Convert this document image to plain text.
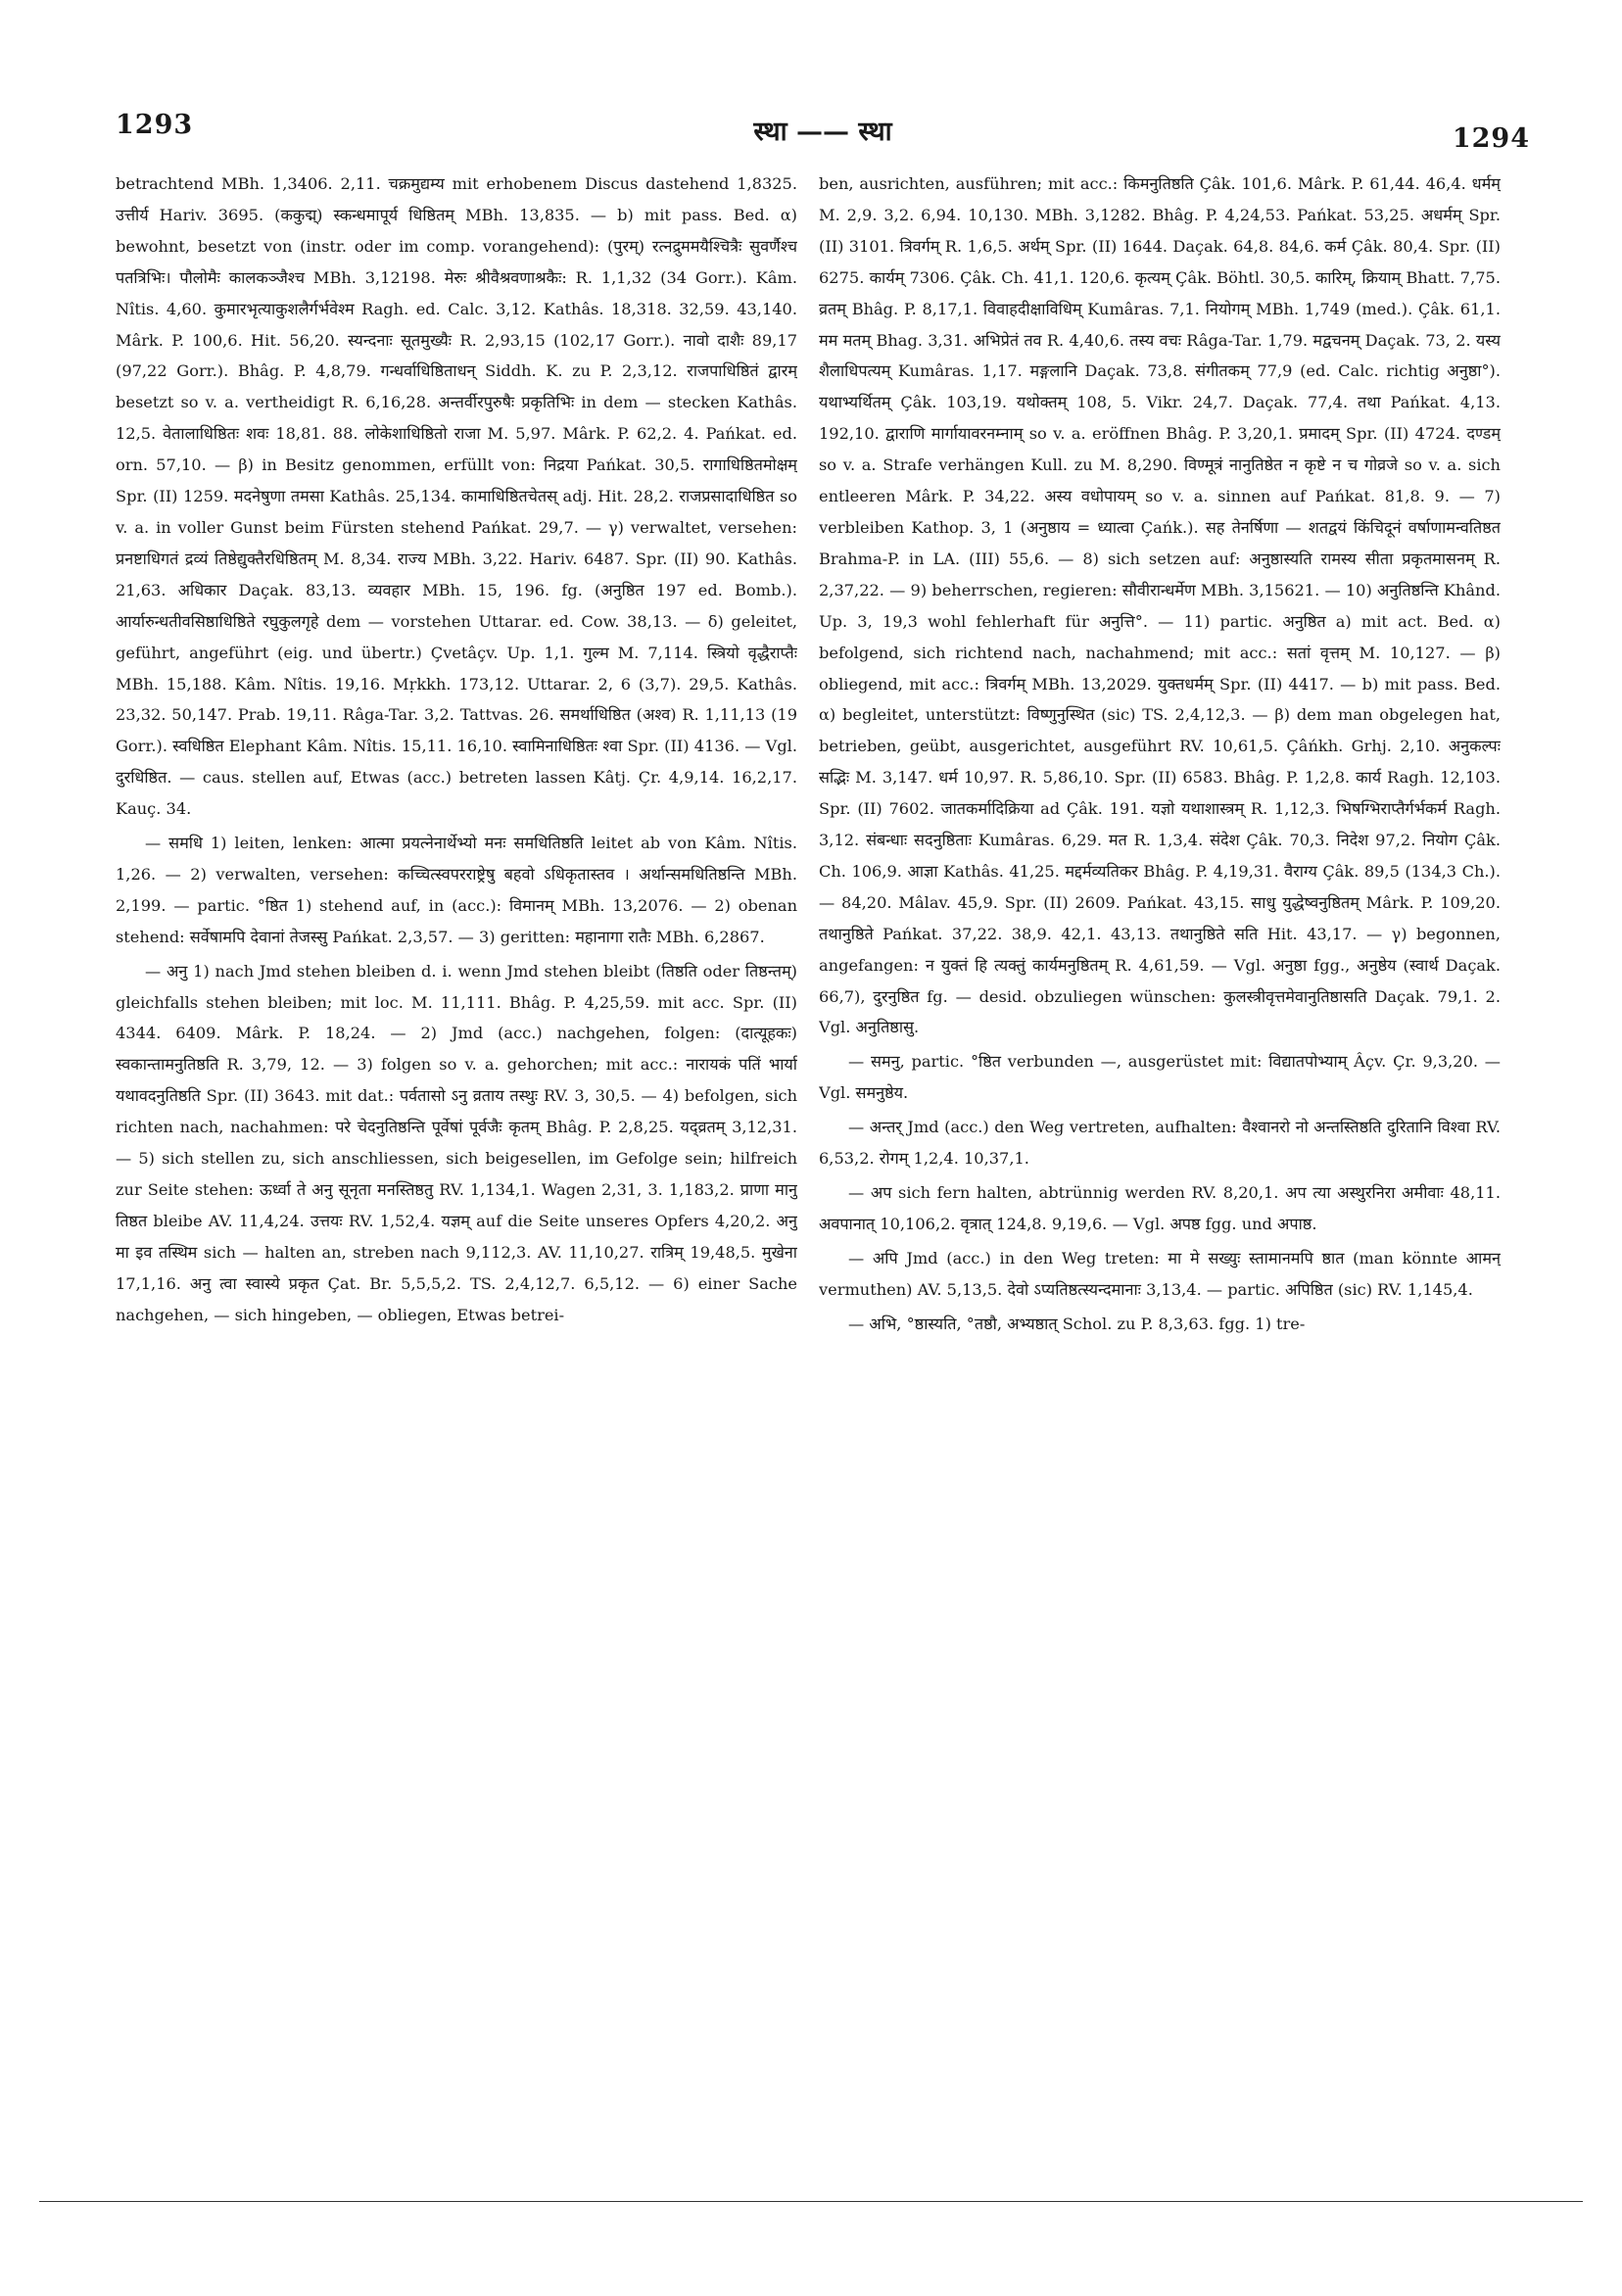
1293	स्था —— स्था	1294

betrachtend MBh. 1,3406. 2,11. चक्रमुद्यम्य mit erhobenem Discus dastehend 1,8325. उत्तीर्य Hariv. 3695. (ककुद्म्) स्कन्धमापूर्य धिष्ठितम् MBh. 13,835. — b) mit pass. Bed. α) bewohnt, besetzt von (instr. oder im comp. vorangehend): (पुरम्) रत्नद्रुममयैश्चित्रैः सुवर्णैश्च पतत्रिभिः। पौलोमैः कालकञ्जैश्च MBh. 3,12198. मेरुः श्रीवैश्रवणाश्रकैः: R. 1,1,32 (34 Gorr.). Kâm. Nîtis. 4,60. कुमारभृत्याकुशलैर्गर्भवेश्म Ragh. ed. Calc. 3,12. Kathâs. 18,318. 32,59. 43,140. Mârk. P. 100,6. Hit. 56,20. स्यन्दनाः सूतमुख्यैः R. 2,93,15 (102,17 Gorr.). नावो दाशैः 89,17 (97,22 Gorr.). Bhâg. P. 4,8,79. गन्धर्वाधिष्ठिताधन् Siddh. K. zu P. 2,3,12. राजपाधिष्ठितं द्वारम् besetzt so v. a. vertheidigt R. 6,16,28. अन्तर्वीरपुरुषैः प्रकृतिभिः in dem — stecken Kathâs. 12,5. वेतालाधिष्ठितः शवः 18,81. 88. लोकेशाधिष्ठितो राजा M. 5,97. Mârk. P. 62,2. 4. Pańkat. ed. orn. 57,10. — β) in Besitz genommen, erfüllt von: निद्रया Pańkat. 30,5. रागाधिष्ठितमोक्षम् Spr. (II) 1259. मदनेषुणा तमसा Kathâs. 25,134. कामाधिष्ठितचेतस् adj. Hit. 28,2. राजप्रसादाधिष्ठित so v. a. in voller Gunst beim Fürsten stehend Pańkat. 29,7. — γ) verwaltet, versehen: प्रनष्टाधिगतं द्रव्यं तिष्ठेद्युक्तैरधिष्ठितम् M. 8,34. राज्य MBh. 3,22. Hariv. 6487. Spr. (II) 90. Kathâs. 21,63. अधिकार Daçak. 83,13. व्यवहार MBh. 15, 196. fg. (अनुष्ठित 197 ed. Bomb.). आर्यारुन्धतीवसिष्ठाधिष्ठिते रघुकुलगृहे dem — vorstehen Uttarar. ed. Cow. 38,13. — δ) geleitet, geführt, angeführt (eig. und übertr.) Çvetâçv. Up. 1,1. गुल्म M. 7,114. स्त्रियो वृद्धैराप्तैः MBh. 15,188. Kâm. Nîtis. 19,16. Mṛkkh. 173,12. Uttarar. 2, 6 (3,7). 29,5. Kathâs. 23,32. 50,147. Prab. 19,11. Râga-Tar. 3,2. Tattvas. 26. समर्थाधिष्ठित (अश्व) R. 1,11,13 (19 Gorr.). स्वधिष्ठित Elephant Kâm. Nîtis. 15,11. 16,10. स्वामिनाधिष्ठितः श्वा Spr. (II) 4136. — Vgl. दुरधिष्ठित. — caus. stellen auf, Etwas (acc.) betreten lassen Kâtj. Çr. 4,9,14. 16,2,17. Kauç. 34.

— समधि 1) leiten, lenken: आत्मा प्रयत्नेनार्थेभ्यो मनः समधितिष्ठति leitet ab von Kâm. Nîtis. 1,26. — 2) verwalten, versehen: कच्चित्स्वपरराष्ट्रेषु बहवो ऽधिकृतास्तव । अर्थान्समधितिष्ठन्ति MBh. 2,199. — partic. °ष्ठित 1) stehend auf, in (acc.): विमानम् MBh. 13,2076. — 2) obenan stehend: सर्वेषामपि देवानां तेजस्सु Pańkat. 2,3,57. — 3) geritten: महानागा रातैः MBh. 6,2867.

— अनु 1) nach Jmd stehen bleiben d. i. wenn Jmd stehen bleibt (तिष्ठति oder तिष्ठन्तम्) gleichfalls stehen bleiben; mit loc. M. 11,111. Bhâg. P. 4,25,59. mit acc. Spr. (II) 4344. 6409. Mârk. P. 18,24. — 2) Jmd (acc.) nachgehen, folgen: (दात्यूहकः) स्वकान्तामनुतिष्ठति R. 3,79, 12. — 3) folgen so v. a. gehorchen; mit acc.: नारायकं पतिं भार्या यथावदनुतिष्ठति Spr. (II) 3643. mit dat.: पर्वतासो ऽनु व्रताय तस्थुः RV. 3, 30,5. — 4) befolgen, sich richten nach, nachahmen: परे चेदनुतिष्ठन्ति पूर्वेषां पूर्वजैः कृतम् Bhâg. P. 2,8,25. यद्व्रतम् 3,12,31. — 5) sich stellen zu, sich anschliessen, sich beigesellen, im Gefolge sein; hilfreich zur Seite stehen: ऊर्ध्वा ते अनु सूनृता मनस्तिष्ठतु RV. 1,134,1. Wagen 2,31, 3. 1,183,2. प्राणा मानु तिष्ठत bleibe AV. 11,4,24. उत्तयः RV. 1,52,4. यज्ञम् auf die Seite unseres Opfers 4,20,2. अनु मा इव तस्थिम sich — halten an, streben nach 9,112,3. AV. 11,10,27. रात्रिम् 19,48,5. मुखेना 17,1,16. अनु त्वा स्वास्ये प्रकृत Çat. Br. 5,5,5,2. TS. 2,4,12,7. 6,5,12. — 6) einer Sache nachgehen, — sich hingeben, — obliegen, Etwas betrei-

ben, ausrichten, ausführen; mit acc.: किमनुतिष्ठति Çâk. 101,6. Mârk. P. 61,44. 46,4. धर्मम् M. 2,9. 3,2. 6,94. 10,130. MBh. 3,1282. Bhâg. P. 4,24,53. Pańkat. 53,25. अधर्मम् Spr. (II) 3101. त्रिवर्गम् R. 1,6,5. अर्थम् Spr. (II) 1644. Daçak. 64,8. 84,6. कर्म Çâk. 80,4. Spr. (II) 6275. कार्यम् 7306. Çâk. Ch. 41,1. 120,6. कृत्यम् Çâk. Böhtl. 30,5. कारिम्, क्रियाम् Bhatt. 7,75. व्रतम् Bhâg. P. 8,17,1. विवाहदीक्षाविधिम् Kumâras. 7,1. नियोगम् MBh. 1,749 (med.). Çâk. 61,1. मम मतम् Bhag. 3,31. अभिप्रेतं तव R. 4,40,6. तस्य वचः Râga-Tar. 1,79. मद्वचनम् Daçak. 73, 2. यस्य शैलाधिपत्यम् Kumâras. 1,17. मङ्गलानि Daçak. 73,8. संगीतकम् 77,9 (ed. Calc. richtig अनुष्ठा°). यथाभ्यर्थितम् Çâk. 103,19. यथोक्तम् 108, 5. Vikr. 24,7. Daçak. 77,4. तथा Pańkat. 4,13. 192,10. द्वाराणि मार्गायावरनम्नाम् so v. a. eröffnen Bhâg. P. 3,20,1. प्रमादम् Spr. (II) 4724. दण्डम् so v. a. Strafe verhängen Kull. zu M. 8,290. विण्मूत्रं नानुतिष्ठेत न कृष्टे न च गोव्रजे so v. a. sich entleeren Mârk. P. 34,22. अस्य वधोपायम् so v. a. sinnen auf Pańkat. 81,8. 9. — 7) verbleiben Kathop. 3, 1 (अनुष्ठाय = ध्यात्वा Çańk.). सह तेनर्षिणा — शतद्वयं किंचिदूनं वर्षाणामन्वतिष्ठत Brahma-P. in LA. (III) 55,6. — 8) sich setzen auf: अनुष्ठास्यति रामस्य सीता प्रकृतमासनम् R. 2,37,22. — 9) beherrschen, regieren: सौवीरान्धर्मेण MBh. 3,15621. — 10) अनुतिष्ठन्ति Khând. Up. 3, 19,3 wohl fehlerhaft für अनुत्ति°. — 11) partic. अनुष्ठित a) mit act. Bed. α) befolgend, sich richtend nach, nachahmend; mit acc.: सतां वृत्तम् M. 10,127. — β) obliegend, mit acc.: त्रिवर्गम् MBh. 13,2029. युक्तधर्मम् Spr. (II) 4417. — b) mit pass. Bed. α) begleitet, unterstützt: विष्णुनुस्थित (sic) TS. 2,4,12,3. — β) dem man obgelegen hat, betrieben, geübt, ausgerichtet, ausgeführt RV. 10,61,5. Çâńkh. Grhj. 2,10. अनुकल्पः सद्भिः M. 3,147. धर्म 10,97. R. 5,86,10. Spr. (II) 6583. Bhâg. P. 1,2,8. कार्य Ragh. 12,103. Spr. (II) 7602. जातकर्मादिक्रिया ad Çâk. 191. यज्ञो यथाशास्त्रम् R. 1,12,3. भिषग्भिराप्तैर्गर्भकर्म Ragh. 3,12. संबन्धाः सदनुष्ठिताः Kumâras. 6,29. मत R. 1,3,4. संदेश Çâk. 70,3. निदेश 97,2. नियोग Çâk. Ch. 106,9. आज्ञा Kathâs. 41,25. मद्दर्मव्यतिकर Bhâg. P. 4,19,31. वैराग्य Çâk. 89,5 (134,3 Ch.). — 84,20. Mâlav. 45,9. Spr. (II) 2609. Pańkat. 43,15. साधु युद्धेष्वनुष्ठितम् Mârk. P. 109,20. तथानुष्ठिते Pańkat. 37,22. 38,9. 42,1. 43,13. तथानुष्ठिते सति Hit. 43,17. — γ) begonnen, angefangen: न युक्तं हि त्यक्तुं कार्यमनुष्ठितम् R. 4,61,59. — Vgl. अनुष्ठा fgg., अनुष्ठेय (स्वार्थ Daçak. 66,7), दुरनुष्ठित fg. — desid. obzuliegen wünschen: कुलस्त्रीवृत्तमेवानुतिष्ठासति Daçak. 79,1. 2. Vgl. अनुतिष्ठासु.

— समनु, partic. °ष्ठित verbunden —, ausgerüstet mit: विद्यातपोभ्याम् Âçv. Çr. 9,3,20. — Vgl. समनुष्ठेय.

— अन्तर् Jmd (acc.) den Weg vertreten, aufhalten: वैश्वानरो नो अन्तस्तिष्ठति दुरितानि विश्वा RV. 6,53,2. रोगम् 1,2,4. 10,37,1.

— अप sich fern halten, abtrünnig werden RV. 8,20,1. अप त्या अस्थुरनिरा अमीवाः 48,11. अवपानात् 10,106,2. वृत्रात् 124,8. 9,19,6. — Vgl. अपष्ठ fgg. und अपाष्ठ.

— अपि Jmd (acc.) in den Weg treten: मा मे सख्युः स्तामानमपि ष्ठात (man könnte आमन् vermuthen) AV. 5,13,5. देवो ऽप्यतिष्ठत्स्यन्दमानाः 3,13,4. — partic. अपिष्ठित (sic) RV. 1,145,4.

— अभि, °ष्ठास्यति, °तष्ठौ, अभ्यष्ठात् Schol. zu P. 8,3,63. fgg. 1) tre-
